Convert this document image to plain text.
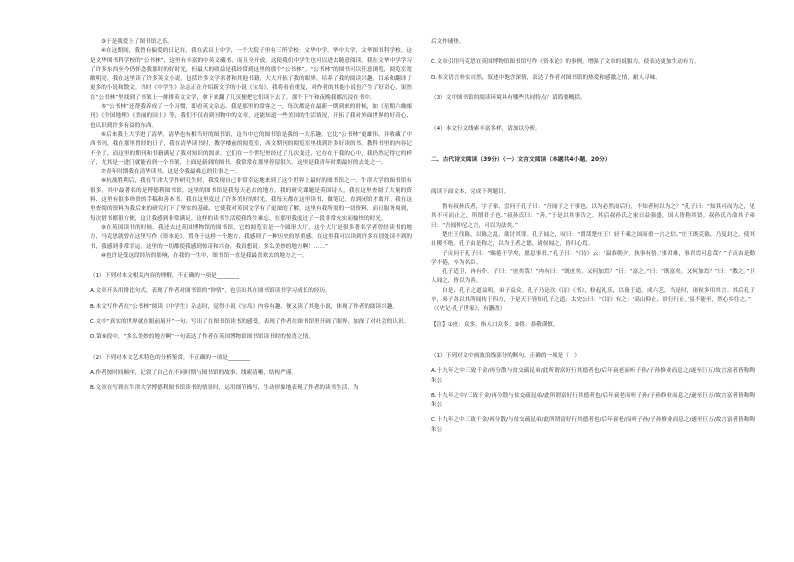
③于是我爱上了图书馆之乐。
④在这期间，我曾有偏爱的日记在，我在武昌上中学，一个大院子里有三所学校：文华中学、华中大学、文华图书科学校。这是文华图书科学校的“公书林”，这里有丰富的中英文藏书，而且全开放。这使我们中学生也可以进去随意阅读。我在文华中学学习了许多东西至今仍怀念我那时的好时光，但最大的收益是我经常到这里的那个“公书林”。“公书林”的图书可以任意浏览，阅览室宽敞明亮，我在这里读了许多英文小说，包括许多文学名著和其他书籍，大大开拓了我的眼界，培养了我的阅读兴趣，目录和翻译了更多的小说和散文。当时《中学生》杂志正在介绍新文学的小说《宝岛》，我将看看重复，对作者的其他小说也产生了好奇心，果然在“公书林”里找到了书架上一排排英文文学，拿下来翻了几页便把它们读下去了，那个下午和夜晚我都沉浸在书中。
⑤“公书林”还帮我养成了一个习惯，即看英文杂志。我是那里的常客之一，每次都是在最新一期到来的时候，如《星期六晚邮刊》《全国地理》《美丽的国土》等，我们不仅看到刊物中的文章，还能知道一些美国的生活情况，开拓了我对外面世界的好奇心，也认识到许多有益的东西。
⑥后来我上大学进了清华，清华也有相当好的图书馆，这当中它的图书馆是我的一大乐趣。它比“公书林”更雄伟，并收藏了中西书刊，我在那里曾经的日子，我在清华读书时，教学楼前的阅览室，西文期刊的阅览室里找到许多好读的书。教科书里的内容记不全了，而这里的期刊和书籍满足了我对知识的渴求。它们在一个世纪里经过了几次变迁，它存在于我的心中，我仍然记得它的样子，尤其是一进门就能看到一个书架，上面是新到的图书，我常常在那里停留很久。这里是我青年时期最好的去处之一。
⑦青年时期我在清华读书，这是令我最难忘的往事之一。
⑧抗战胜利后，我在牛津大学作研究生时，我发现自己非常幸运地来到了这个世界上最好的图书馆之一。牛津大学的图书馆有很多，其中最著名的是博德利图书馆。这里的图书馆是我每天必去的地方。我的研究课题是英国诗人，我在这里查阅了大量的资料，这里有很多珍贵的手稿和善本书。我在这里度过了许多美好的时光，我每天都在这里读书、做笔记，直到闭馆才离开。我在这里查阅的资料为我后来的研究打下了坚实的基础，它使我对英国文学有了更深的了解。这里有我所需的一切资料，而且服务周到，每次借书都很方便，这让我感到非常满足。这样的读书生活使我终生难忘，在那里我度过了一段非常充实而愉快的时光。
⑨在英国读书的时候，我还去过英国博物馆的图书馆，它的阅览室是一个圆形大厅，这个大厅是很多著名学者曾经读书的地方，马克思就曾在这里写作《资本论》。置身于这样一个地方，我感到了一种历史的厚重感。在这里我可以读到许多在别处读不到的书，我感到非常幸运。这里的一切都使我感到惊奇和兴奋，我真想说：多么美妙的地方啊！……”
⑩也许是受这段经历的影响，在我的一生中，图书馆一直是我最喜欢去的地方之一。
（1）下列对本文相关内容的理解，不正确的一项是________
A.文章开头用排比句式，表现了作者对图书馆的“钟情”，也引出其在图书馆读书学习成长的经历。
B.本文写作者在“公书林”阅读《中学生》杂志时，觉得小说《宝岛》内容有趣，便又读了其他小说，体现了作者的阅读兴趣。
C.文中“真实的世界就在眼前展开”一句，写出了在图书馆读书的感受，表现了作者在图书馆里开阔了眼界，加深了对社会的认识。
D.第⑨段中，“多么美妙的地方啊”一句表达了作者在英国博物馆图书馆读书时的惊喜之情。
（2）下列对本文艺术特色的分析鉴赏，不正确的一项是________
A.作者按时间顺序，记叙了自己在不同时期与图书馆的故事，线索清晰，结构严谨。
B.文章在写到在牛津大学博德利图书馆读书的情景时，运用细节描写，生动形象地表现了作者的读书生活，为
后文作铺垫。
C.文章引用马克思在英国博物馆图书馆写作《资本论》的事例，增强了文章的说服力，使表达更加生动有力。
D.本文语言朴实自然，叙述中饱含深情，表达了作者对图书馆的热爱和感激之情，耐人寻味。
（3）文中图书馆的阅读环境具有哪些共同特点？请简要概括。
（4）本文行文线索丰富多样，请加以分析。
二、古代诗文阅读（39分）（一）文言文阅读（本题共4小题，20分）
阅读下面文本，完成下列题目。
鲁有叔孙氏者，字子家，尝问于孔子曰：“吾闻子之于事也，以为必然而后行，不知者何以为之？”孔子曰：“知其可而为之，见其不可而止之，所谓君子也。”叔孙氏曰：“善。”于是以其事告之。其后叔孙氏之家日益强盛，国人皆称其贤。叔孙氏乃命其子弟曰：“吾闻仲尼之言，可以为法矣。”
楚庄王伐陈，以陈之乱，欲讨其罪。孔子闻之，叹曰：“贤哉楚庄王！轻千乘之国而重一言之信。”庄王既克陈，乃复封之，使其社稷不绝。孔子由是称之，以为王者之德。诸侯闻之，皆归心焉。
子贡问于孔子曰：“赐倦于学矣，愿息事君。”孔子曰：“《诗》云：‘温恭朝夕，执事有恪。’事君难，事君焉可息哉？”子贡由是勤学不倦，卒为名臣。
孔子适卫，冉有仆。子曰：“庶矣哉！”冉有曰：“既庶矣，又何加焉？”曰：“富之。”曰：“既富矣，又何加焉？”曰：“教之。”卫人闻之，皆以为善。
自是，孔子之道益明，弟子益众。孔子乃论次《诗》《书》，修起礼乐，以备王道，成六艺。当是时，诸侯多用其言。其后孔子卒，弟子各以其所闻传于四方，于是天下皆知孔子之道。太史公曰：“《诗》有之：‘高山仰止，景行行止。’虽不能至，然心乡往之。”
（《史记·孔子世家》，有删改）
【注】①庶：众多，指人口众多。②恪：恭敬谨慎。
（1）下列对文中画波浪线部分的断句，正确的一项是（　）
A.十九年之中三致千金/再分散与贫交疏昆弟/此所谓富好行其德者也/后年衰老而听子孙/子孙修业而息之/遂至巨万/故言富者皆称陶朱公
B.十九年之中/三致千金/再分散与贫交疏昆弟/此所谓富好行其德者也/后年衰老而听子孙/子孙修业而息之/遂至巨万/故言富者皆称陶朱公
C.十九年之中三致千金/再分散/与贫交疏昆弟/此所谓富好行其德者也/后年衰老/而听子孙/子孙修业而息之/遂至巨万/故言富者皆称陶朱公
